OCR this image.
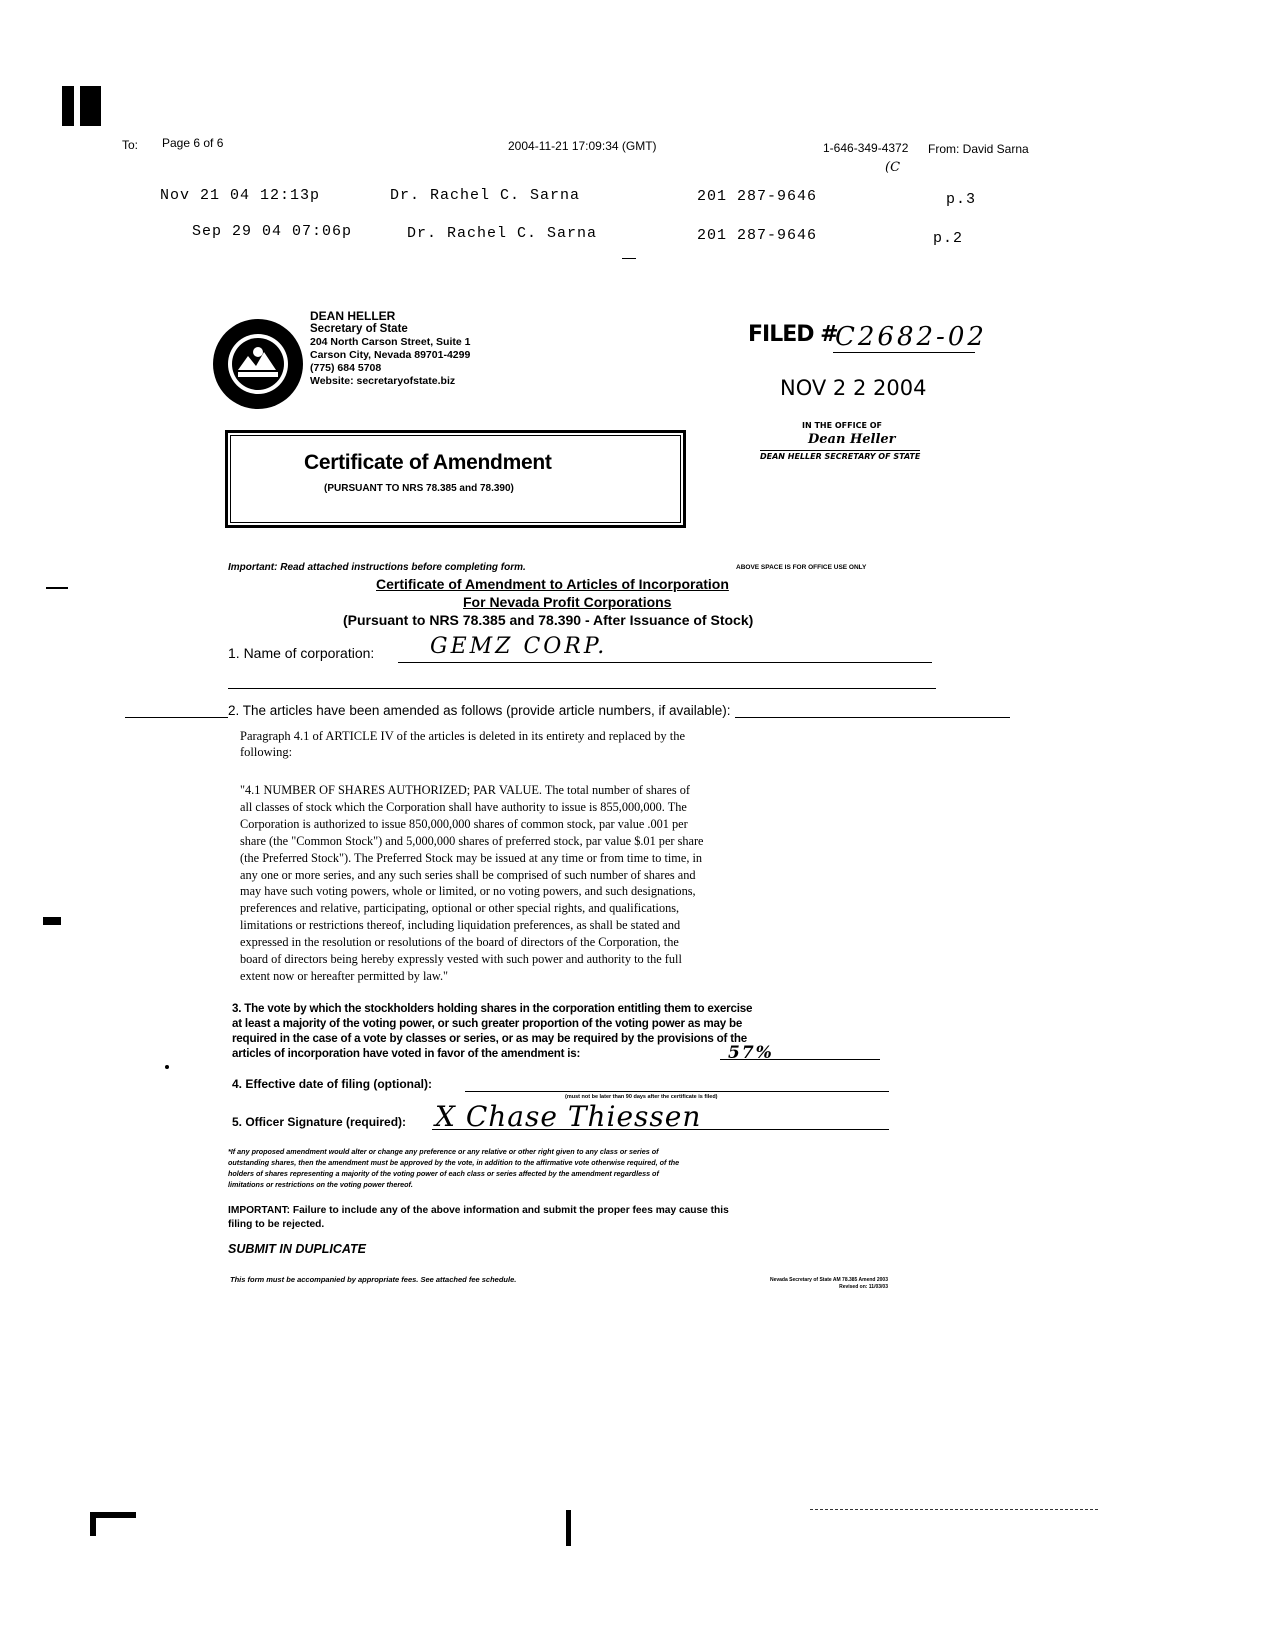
To: Page 6 of 6	2004-11-21 17:09:34 (GMT)	1-646-349-4372 From: David Sarna
(C
Nov 21 04 12:13p	Dr. Rachel C. Sarna	201 287-9646	p.3
Sep 29 04 07:06p	Dr. Rachel C. Sarna	201 287-9646	p.2
DEAN HELLER
Secretary of State
204 North Carson Street, Suite 1
Carson City, Nevada 89701-4299
(775) 684 5708
Website: secretaryofstate.biz
FILED #
C2682-02
NOV 2 2 2004
IN THE OFFICE OF
Dean Heller
DEAN HELLER SECRETARY OF STATE
Certificate of Amendment
(PURSUANT TO NRS 78.385 and 78.390)
Important: Read attached instructions before completing form.	ABOVE SPACE IS FOR OFFICE USE ONLY
Certificate of Amendment to Articles of Incorporation
For Nevada Profit Corporations
(Pursuant to NRS 78.385 and 78.390 - After Issuance of Stock)
1. Name of corporation:	GEMZ CORP.
2. The articles have been amended as follows (provide article numbers, if available):
Paragraph 4.1 of ARTICLE IV of the articles is deleted in its entirety and replaced by the
following:
"4.1 NUMBER OF SHARES AUTHORIZED; PAR VALUE. The total number of shares of
all classes of stock which the Corporation shall have authority to issue is 855,000,000. The
Corporation is authorized to issue 850,000,000 shares of common stock, par value .001 per
share (the "Common Stock") and 5,000,000 shares of preferred stock, par value $.01 per share
(the Preferred Stock"). The Preferred Stock may be issued at any time or from time to time, in
any one or more series, and any such series shall be comprised of such number of shares and
may have such voting powers, whole or limited, or no voting powers, and such designations,
preferences and relative, participating, optional or other special rights, and qualifications,
limitations or restrictions thereof, including liquidation preferences, as shall be stated and
expressed in the resolution or resolutions of the board of directors of the Corporation, the
board of directors being hereby expressly vested with such power and authority to the full
extent now or hereafter permitted by law."
3. The vote by which the stockholders holding shares in the corporation entitling them to exercise
at least a majority of the voting power, or such greater proportion of the voting power as may be
required in the case of a vote by classes or series, or as may be required by the provisions of the
articles of incorporation have voted in favor of the amendment is:	57%
4. Effective date of filing (optional):
(must not be later than 90 days after the certificate is filed)
5. Officer Signature (required): X Chase Thiessen
*If any proposed amendment would alter or change any preference or any relative or other right given to any class or series of
outstanding shares, then the amendment must be approved by the vote, in addition to the affirmative vote otherwise required, of the
holders of shares representing a majority of the voting power of each class or series affected by the amendment regardless of
limitations or restrictions on the voting power thereof.
IMPORTANT: Failure to include any of the above information and submit the proper fees may cause this
filing to be rejected.
SUBMIT IN DUPLICATE
This form must be accompanied by appropriate fees. See attached fee schedule.	Nevada Secretary of State AM 78.385 Amend 2003
Revised on: 11/03/03
